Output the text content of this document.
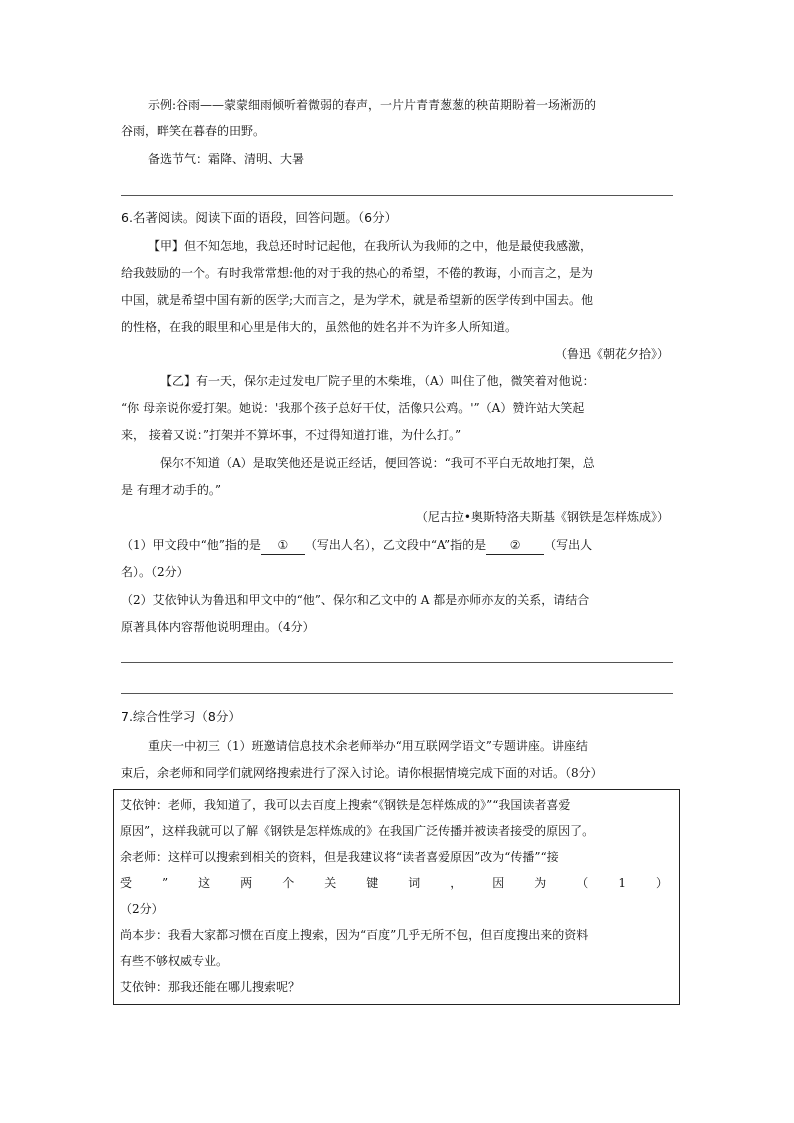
示例:谷雨——蒙蒙细雨倾听着微弱的春声，一片片青青葱葱的秧苗期盼着一场淅沥的
谷雨，畔笑在暮春的田野。
备选节气：霜降、清明、大暑
6.名著阅读。阅读下面的语段，回答问题。（6分）
【甲】但不知怎地，我总还时时记起他，在我所认为我师的之中，他是最使我感激，
给我鼓励的一个。有时我常常想:他的对于我的热心的希望，不倦的教诲，小而言之，是为
中国，就是希望中国有新的医学;大而言之，是为学术，就是希望新的医学传到中国去。他
的性格，在我的眼里和心里是伟大的，虽然他的姓名并不为许多人所知道。
（鲁迅《朝花夕拾》）
【乙】有一天，保尔走过发电厂院子里的木柴堆，（A）叫住了他，微笑着对他说：
“你 母亲说你爱打架。她说：'我那个孩子总好干仗，活像只公鸡。'”（A）赞许站大笑起
来， 接着又说：”打架并不算坏事，不过得知道打谁，为什么打。”
保尔不知道（A）是取笑他还是说正经话，便回答说：“我可不平白无故地打架，总
是 有理才动手的。”
（尼古拉•奥斯特洛夫斯基《钢铁是怎样炼成》）
（1）甲文段中“他”指的是 ① （写出人名），乙文段中“A”指的是 ② （写出人
名）。（2分）
（2）艾依钟认为鲁迅和甲文中的“他”、保尔和乙文中的 A 都是亦师亦友的关系，请结合
原著具体内容帮他说明理由。（4分）
7.综合性学习（8分）
重庆一中初三（1）班邀请信息技术余老师举办“用互联网学语文”专题讲座。讲座结
束后，余老师和同学们就网络搜索进行了深入讨论。请你根据情境完成下面的对话。（8分）
艾依钟：老师，我知道了，我可以去百度上搜索“《钢铁是怎样炼成的》”“我国读者喜爱
原因”，这样我就可以了解《钢铁是怎样炼成的》在我国广泛传播并被读者接受的原因了。
余老师：这样可以搜索到相关的资料，但是我建议将“读者喜爱原因”改为“传播”“接
受	”	这	两	个	关	键	词	，	因	为	（	1	）
（2分）
尚本步：我看大家都习惯在百度上搜索，因为“百度”几乎无所不包，但百度搜出来的资料
有些不够权威专业。
艾依钟：那我还能在哪儿搜索呢？
